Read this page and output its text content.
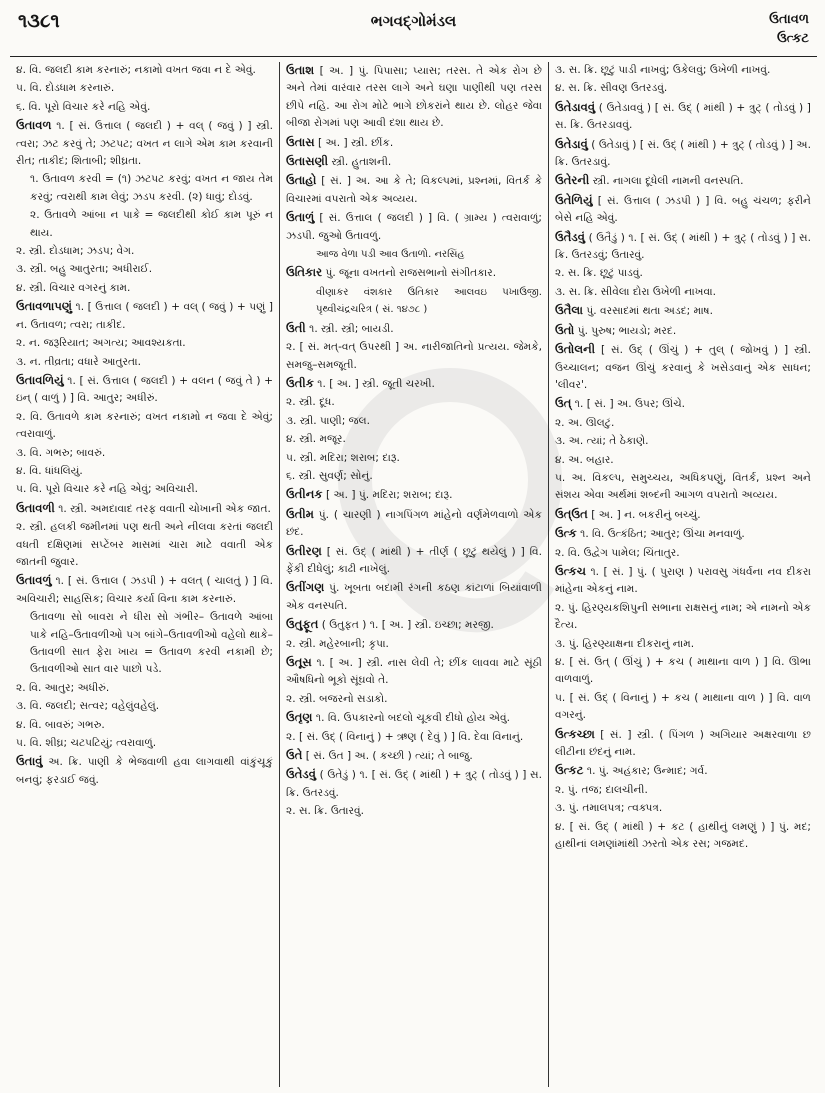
૧૩૮૧	ભગવદ્ગોમંડલ	ઉતાવળ
ઉત્કટ

૪. વિ. જલદી કામ કરનારું; નકામો વખત જવા ન દે એવું.

૫. વિ. દોડધામ કરનારું.

૬. વિ. પૂરો વિચાર કરે નહિ એવું.

ઉતાવળ ૧. [ સં. ઉત્તાલ ( જલદી ) + વલ્ ( જવું ) ] સ્ત્રી. ત્વરા; ઝટ કરવું તે; ઝટપટ; વખત ન લાગે એમ કામ કરવાની રીત; તાકીદ; શિતાબી; શીઘ્રતા.

૧. ઉતાવળ કરવી = (૧) ઝટપટ કરવું; વખત ન જાય તેમ કરવું; ત્વરાથી કામ લેવું; ઝડપ કરવી. (૨) ધાવું; દોડવું.

૨. ઉતાવળે આંબા ન પાકે = જલદીથી કોઈ કામ પૂરું ન થાય.

૨. સ્ત્રી. દોડધામ; ઝડપ; વેગ.

૩. સ્ત્રી. બહુ આતુરતા; અધીરાઈ.

૪. સ્ત્રી. વિચાર વગરનું કામ.

ઉતાવળાપણું ૧. [ ઉત્તાલ ( જલદી ) + વલ્ ( જવું ) + પણું ] ન. ઉતાવળ; ત્વરા; તાકીદ.

૨. ન. જરૂરિયાત; અગત્ય; આવશ્યકતા.

૩. ન. તીવ્રતા; વધારે આતુરતા.

ઉતાવળિયું ૧. [ સં. ઉત્તાલ ( જલદી ) + વલન ( જવું તે ) + ઇન્ ( વાળું ) ] વિ. આતુર; અધીરું.

૨. વિ. ઉતાવળે કામ કરનારું; વખત નકામો ન જવા દે એવું; ત્વરાવાળું.

૩. વિ. ગભરુ; બાવરું.

૪. વિ. ધાંધલિયું.

૫. વિ. પૂરો વિચાર કરે નહિ એવું; અવિચારી.

ઉતાવળી ૧. સ્ત્રી. અમદાવાદ તરફ વવાતી ચોખાની એક જાત.

૨. સ્ત્રી. હલકી જમીનમાં પણ થતી અને નીલવા કરતાં જલદી વધતી દક્ષિણમાં સપ્ટેંબર માસમાં ચારા માટે વવાતી એક જાતની જુવાર.

ઉતાવળું ૧. [ સં. ઉત્તાલ ( ઝડપી ) + વલત્ ( ચાલતું ) ] વિ. અવિચારી; સાહસિક; વિચાર કર્યા વિના કામ કરનારું.

ઉતાવળા સો બાવરા ને ધીરા સો ગંભીર– ઉતાવળે આંબા પાકે નહિ–ઉતાવળીઓ પગ બાંગે–ઉતાવળીઓ વહેલો થાકે–ઉતાવળી સાત ફેરા ખાય = ઉતાવળ કરવી નકામી છે; ઉતાવળીઓ સાત વાર પાછો પડે.

૨. વિ. આતુર; અધીરું.

૩. વિ. જલદી; સત્વર; વહેલુંવહેલું.

૪. વિ. બાવરું; ગભરુ.

૫. વિ. શીઘ્ર; ચટપટિયું; ત્વરાવાળું.

ઉતાવું અ. ક્રિ. પાણી કે ભેજવાળી હવા લાગવાથી વાંકુંચૂકું બનવું; ફરડાઈ જવું.

ઉતાશ [ અ. ] પું. પિપાસા; પ્યાસ; તરસ. તે એક રોગ છે અને તેમાં વારંવાર તરસ લાગે અને ઘણા પાણીથી પણ તરસ છીપે નહિ. આ રોગ મોટે ભાગે છોકરાંને થાય છે. લોહર જેવા બીજા રોગમાં પણ આવી દશા થાય છે.

ઉતાસ [ અ. ] સ્ત્રી. છીંક.

ઉતાસણી સ્ત્રી. હુતાશની.

ઉતાહો [ સં. ] અ. આ કે તે; વિકલ્પમાં, પ્રશ્નમાં, વિતર્ક કે વિચારમાં વપરાતો એક અવ્યય.

ઉતાળું [ સં. ઉત્તાલ ( જલદી ) ] વિ. ( ગ્રામ્ય ) ત્વરાવાળું; ઝડપી. જુઓ ઉતાવળું.

આજ વેળા પડી આવ ઉતાળો. નરસિંહ

ઉતિકાર પું. જૂના વખતનો રાજસભાનો સંગીતકાર.

વીણાકર વંશકાર ઉતિકાર આલવઇ પખાઉજી. પૃથ્વીચંદ્રચરિત્ર ( સં. ૧૪૭૮ )

ઉતી ૧. સ્ત્રી. સ્ત્રી; બાયડી.

૨. [ સં. મત્-વત્ ઉપરથી ] અ. નારીજાતિનો પ્રત્યય. જેમકે, સમજુ–સમજૂતી.

ઉતીક ૧. [ અ. ] સ્ત્રી. જૂતી ચરખી.

૨. સ્ત્રી. દૂધ.

૩. સ્ત્રી. પાણી; જલ.

૪. સ્ત્રી. મજૂર.

૫. સ્ત્રી. મદિરા; શરાબ; દારૂ.

૬. સ્ત્રી. સુવર્ણ; સોનું.

ઉતીનક [ અ. ] પું. મદિરા; શરાબ; દારૂ.

ઉતીમ પું. ( ચારણી ) નાગપિંગળ માંહેનો વર્ણમેળવાળો એક છંદ.

ઉતીરણ [ સં. ઉદ્ ( માંથી ) + તીર્ણ ( છૂટું થયેલું ) ] વિ. ફેંકી દીધેલું; કાઢી નાખેલું.

ઉતીંગણ પું. ખૂબતા બદામી રંગની કઠણ કાંટાળાં બિયાંવાળી એક વનસ્પતિ.

ઉતુફૂત ( ઉતુફત ) ૧. [ અ. ] સ્ત્રી. ઇચ્છા; મરજી.

૨. સ્ત્રી. મહેરબાની; કૃપા.

ઉતૂસ ૧. [ અ. ] સ્ત્રી. નાસ લેવી તે; છીંક લાવવા માટે સૂંઠી ઔષધિનો ભૂકો સૂંઘવો તે.

૨. સ્ત્રી. બજરનો સડાકો.

ઉતૃણ ૧. વિ. ઉપકારનો બદલો ચૂકવી દીધો હોય એવું.

૨. [ સં. ઉદ્ ( વિનાનું ) + ઋણ ( દેવું ) ] વિ. દેવા વિનાનું.

ઉતે [ સં. ઉત ] અ. ( કચ્છી ) ત્યાં; તે બાજુ.

ઉતેડવું ( ઉતેડું ) ૧. [ સં. ઉદ્ ( માંથી ) + ત્રુટ્ ( તોડવું ) ] સ. ક્રિ. ઉતરડવું.

૨. સ. ક્રિ. ઉતારવું.

૩. સ. ક્રિ. છૂટું પાડી નાખવું; ઉકેલવું; ઉખેળી નાખવું.

૪. સ. ક્રિ. સીવણ ઉતરડવું.

ઉતેડાવવું ( ઉતેડાવવું ) [ સં. ઉદ્ ( માંથી ) + ત્રુટ્ ( તોડવું ) ] સ. ક્રિ. ઉતરડાવવું.

ઉતેડાવું ( ઉતેડાવું ) [ સં. ઉદ્ ( માંથી ) + ત્રુટ્ ( તોડવું ) ] અ. ક્રિ. ઉતરડાવું.

ઉતેરની સ્ત્રી. નાગલા દૂધેલી નામની વનસ્પતિ.

ઉતેળિયું [ સં. ઉત્તાલ ( ઝડપી ) ] વિ. બહુ ચંચળ; ફરીને બેસે નહિ એવું.

ઉતૈડવું ( ઉતૈડું ) ૧. [ સં. ઉદ્ ( માંથી ) + ત્રુટ્ ( તોડવું ) ] સ. ક્રિ. ઉતરડવું; ઉતારવું.

૨. સ. ક્રિ. છૂટું પાડવું.

૩. સ. ક્રિ. સીવેલા દોરા ઉખેળી નાખવા.

ઉતૈલા પું. વરસાદમાં થતા અડદ; માષ.

ઉતો પું. પુરુષ; ભાયડો; મરદ.

ઉતોલની [ સં. ઉદ્ ( ઊંચું ) + તુલ્ ( જોખવું ) ] સ્ત્રી. ઉચ્ચાલન; વજન ઊંચું કરવાનું કે ખસેડવાનું એક સાધન; 'લીવર'.

ઉત્ ૧. [ સં. ] અ. ઉપર; ઊંચે.

૨. અ. ઊલટું.

૩. અ. ત્યાં; તે ઠેકાણે.

૪. અ. બહાર.

૫. અ. વિકલ્પ, સમુચ્ચય, અધિકપણું, વિતર્ક, પ્રશ્ન અને સંશય એવા અર્થમાં શબ્દની આગળ વપરાતો અવ્યય.

ઉત્ઉત [ અ. ] ન. બકરીનું બચ્ચું.

ઉત્ક ૧. વિ. ઉત્કંઠિત; આતુર; ઊંચા મનવાળું.

૨. વિ. ઉદ્વેગ પામેલ; ચિંતાતુર.

ઉત્કચ ૧. [ સં. ] પું. ( પુરાણ ) પરાવસુ ગંધર્વના નવ દીકરા માંહેના એકનું નામ.

૨. પું. હિરણ્યકશિપુની સભાના રાક્ષસનું નામ; એ નામનો એક દૈત્ય.

૩. પું. હિરણ્યાક્ષના દીકરાનું નામ.

૪. [ સં. ઉત્ ( ઊંચું ) + કચ ( માથાના વાળ ) ] વિ. ઊભા વાળવાળું.

૫. [ સં. ઉદ્ ( વિનાનું ) + કચ ( માથાના વાળ ) ] વિ. વાળ વગરનું.

ઉત્કચ્છા [ સં. ] સ્ત્રી. ( પિંગળ ) અગિયાર અક્ષરવાળા છ લીટીના છંદનું નામ.

ઉત્કટ ૧. પું. અહંકાર; ઉન્માદ; ગર્વ.

૨. પું. તજ; દાલચીની.

૩. પું. તમાલપત્ર; ત્વક્પત્ર.

૪. [ સં. ઉદ્ ( માંથી ) + કટ ( હાથીનું લમણું ) ] પું. મદ; હાથીનાં લમણાંમાંથી ઝરતો એક રસ; ગજમદ.
